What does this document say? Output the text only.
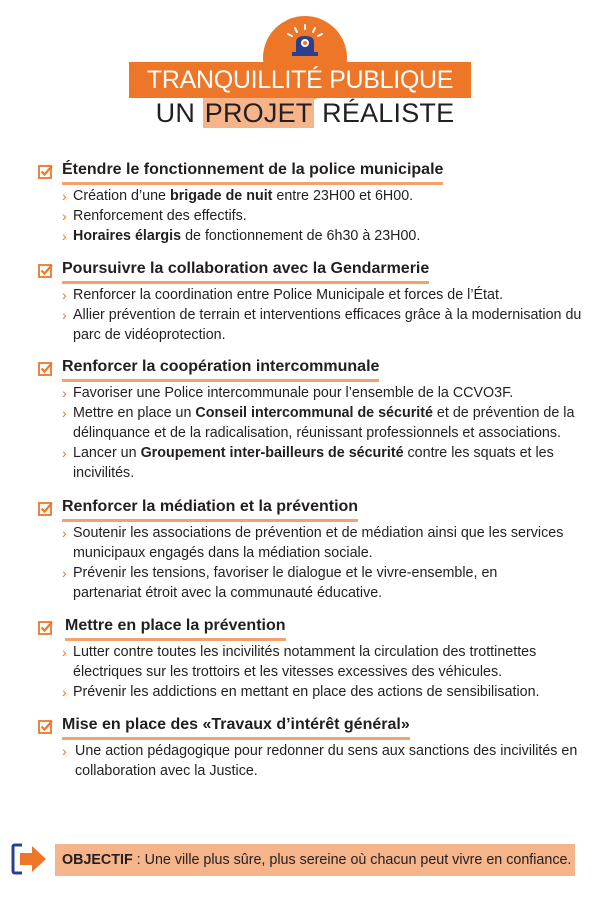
TRANQUILLITÉ PUBLIQUE
UN PROJET RÉALISTE
Étendre le fonctionnement de la police municipale
› Création d’une brigade de nuit entre 23H00 et 6H00.
› Renforcement des effectifs.
› Horaires élargis de fonctionnement de 6h30 à 23H00.
Poursuivre la collaboration avec la Gendarmerie
› Renforcer la coordination entre Police Municipale et forces de l’État.
› Allier prévention de terrain et interventions efficaces grâce à la modernisation du parc de vidéoprotection.
Renforcer la coopération intercommunale
› Favoriser une Police intercommunale pour l’ensemble de la CCVO3F.
› Mettre en place un Conseil intercommunal de sécurité et de prévention de la délinquance et de la radicalisation, réunissant professionnels et associations.
› Lancer un Groupement inter-bailleurs de sécurité contre les squats et les incivilités.
Renforcer la médiation et la prévention
› Soutenir les associations de prévention et de médiation ainsi que les services municipaux engagés dans la médiation sociale.
› Prévenir les tensions, favoriser le dialogue et le vivre-ensemble, en partenariat étroit avec la communauté éducative.
Mettre en place la prévention
› Lutter contre toutes les incivilités notamment la circulation des trottinettes électriques sur les trottoirs et les vitesses excessives des véhicules.
› Prévenir les addictions en mettant en place des actions de sensibilisation.
Mise en place des «Travaux d’intérêt général»
› Une action pédagogique pour redonner du sens aux sanctions des incivilités en collaboration avec la Justice.
OBJECTIF : Une ville plus sûre, plus sereine où chacun peut vivre en confiance.
